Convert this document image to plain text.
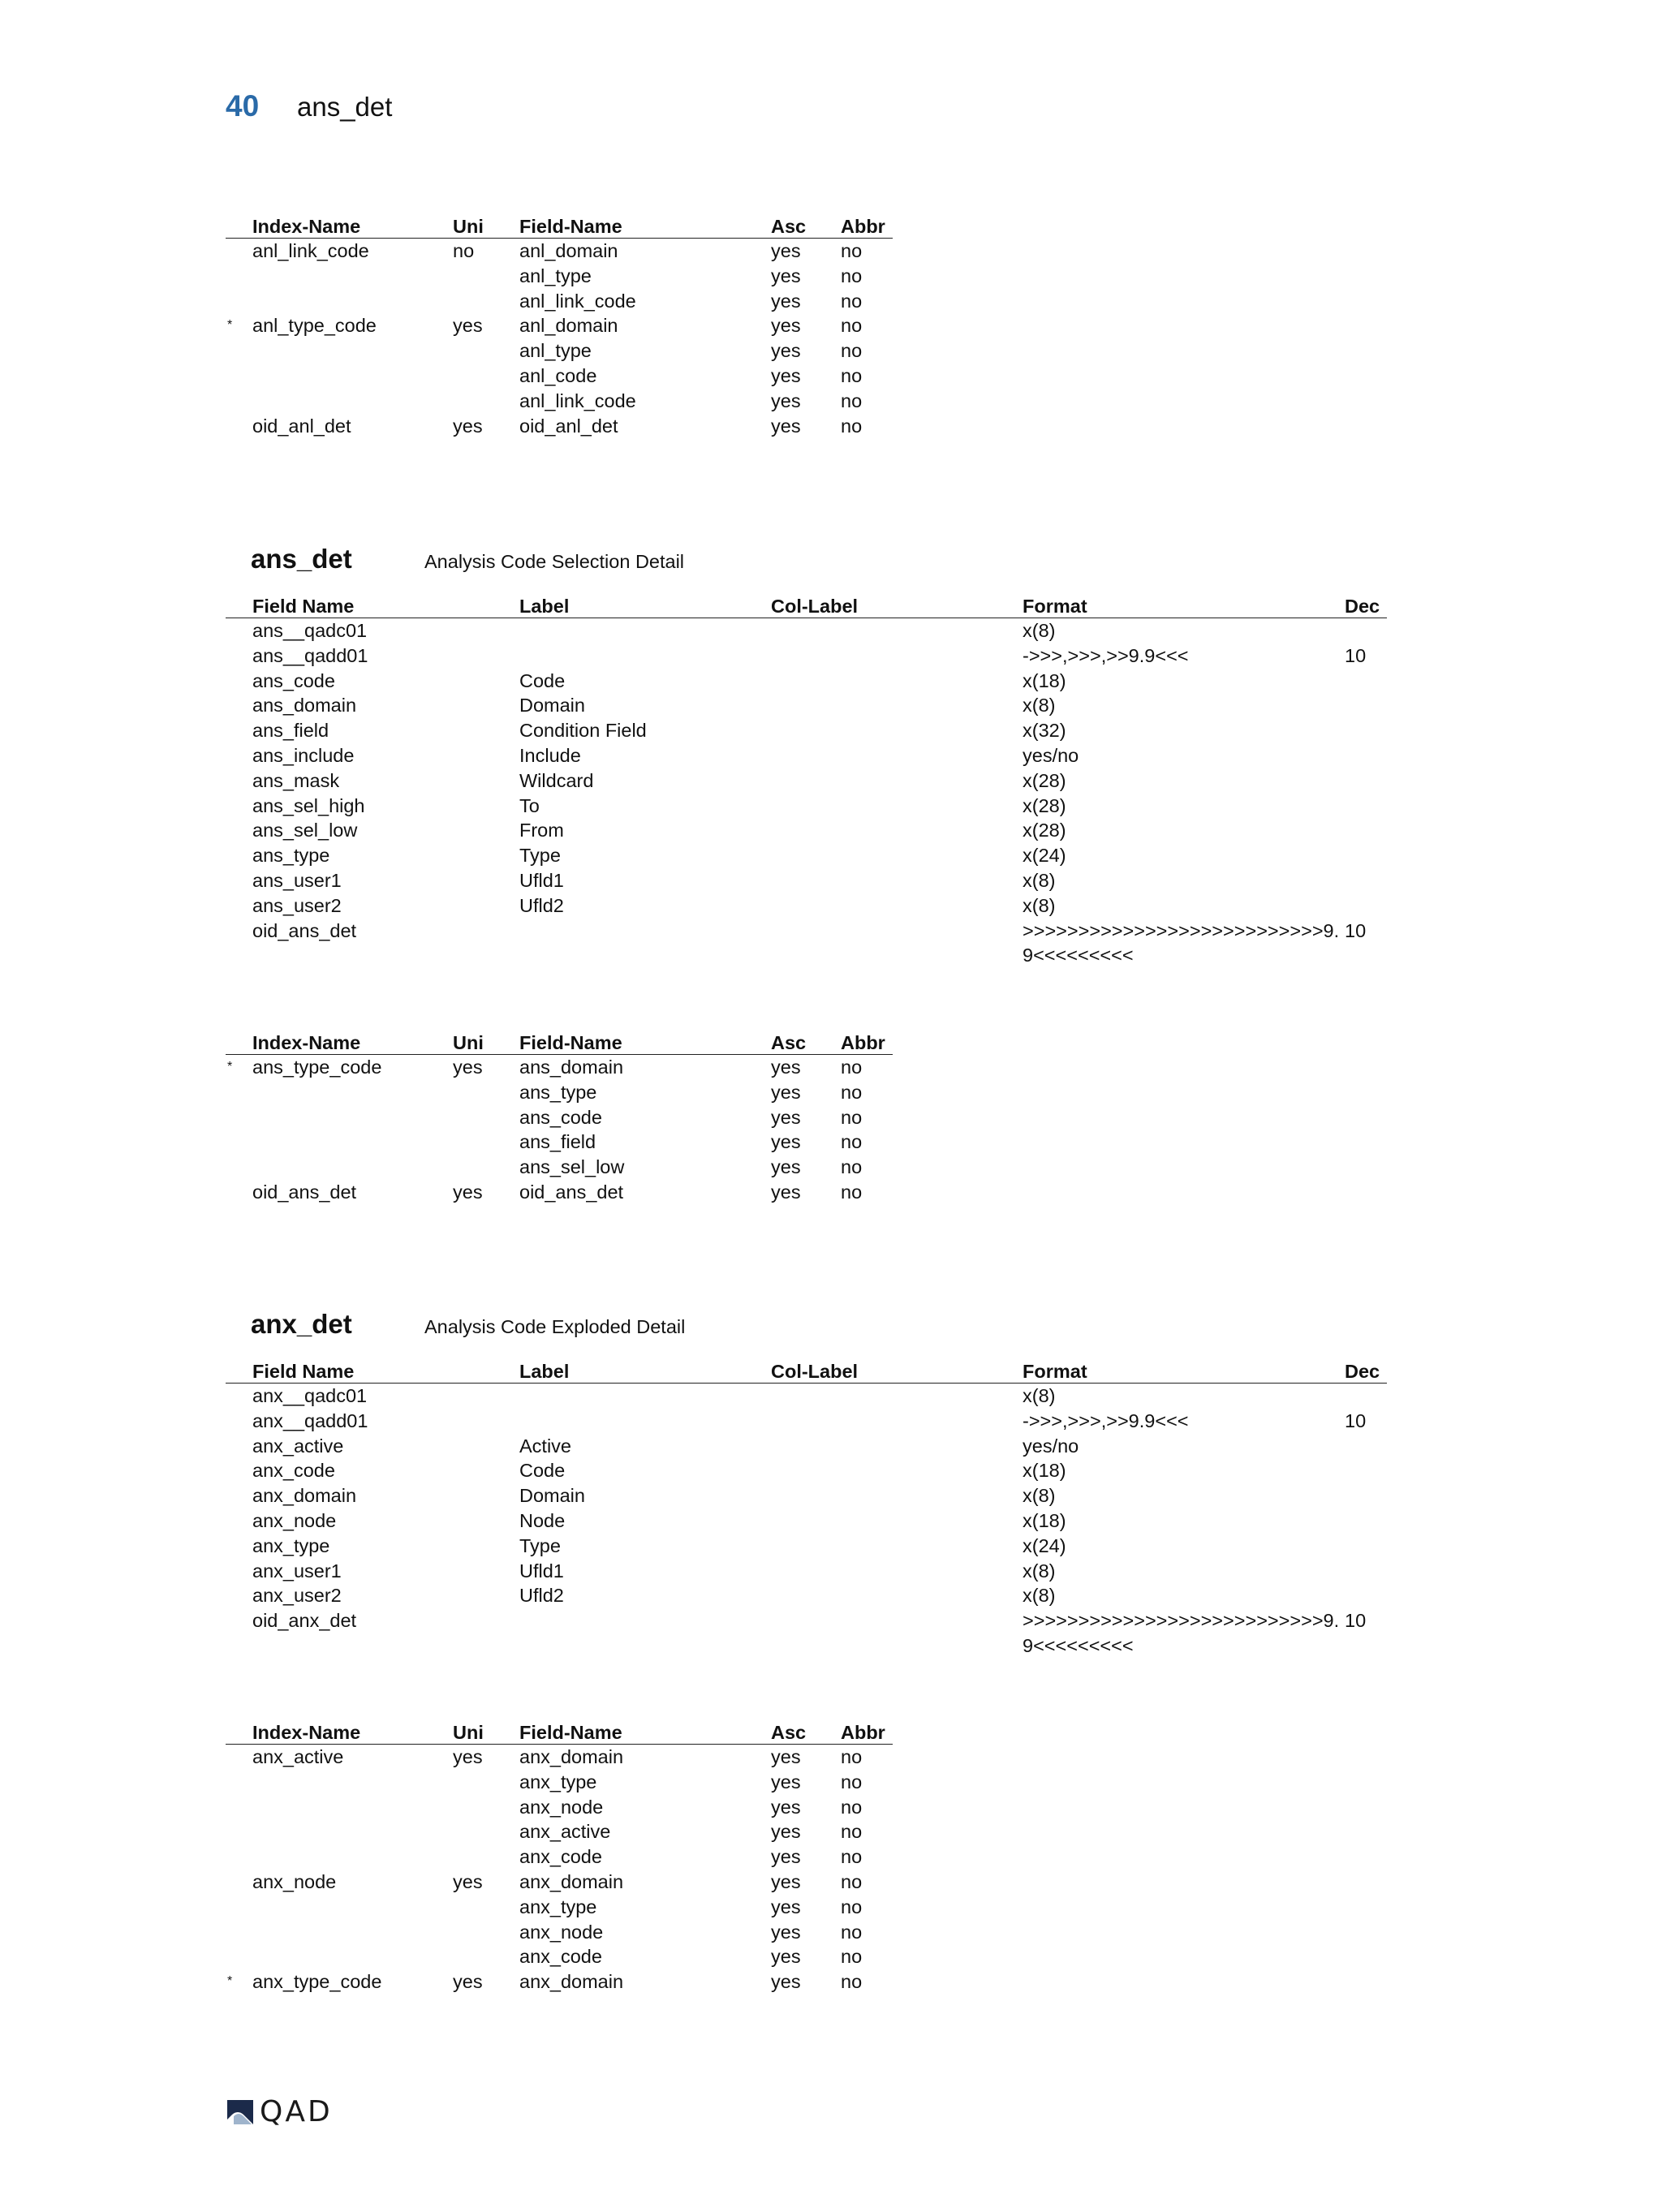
40	ans_det
	Index-Name	Uni	Field-Name	Asc	Abbr
	anl_link_code	no	anl_domain	yes	no
			anl_type	yes	no
			anl_link_code	yes	no
*	anl_type_code	yes	anl_domain	yes	no
			anl_type	yes	no
			anl_code	yes	no
			anl_link_code	yes	no
	oid_anl_det	yes	oid_anl_det	yes	no
ans_det	Analysis Code Selection Detail
	Field Name	Label	Col-Label	Format	Dec
	ans__qadc01			x(8)	
	ans__qadd01			->>>,>>>,>>9.9<<<	10
	ans_code	Code		x(18)	
	ans_domain	Domain		x(8)	
	ans_field	Condition Field		x(32)	
	ans_include	Include		yes/no	
	ans_mask	Wildcard		x(28)	
	ans_sel_high	To		x(28)	
	ans_sel_low	From		x(28)	
	ans_type	Type		x(24)	
	ans_user1	Ufld1		x(8)	
	ans_user2	Ufld2		x(8)	
	oid_ans_det			>>>>>>>>>>>>>>>>>>>>>>>>>>>9.9<<<<<<<<<	10
	Index-Name	Uni	Field-Name	Asc	Abbr
*	ans_type_code	yes	ans_domain	yes	no
			ans_type	yes	no
			ans_code	yes	no
			ans_field	yes	no
			ans_sel_low	yes	no
	oid_ans_det	yes	oid_ans_det	yes	no
anx_det	Analysis Code Exploded Detail
	Field Name	Label	Col-Label	Format	Dec
	anx__qadc01			x(8)	
	anx__qadd01			->>>,>>>,>>9.9<<<	10
	anx_active	Active		yes/no	
	anx_code	Code		x(18)	
	anx_domain	Domain		x(8)	
	anx_node	Node		x(18)	
	anx_type	Type		x(24)	
	anx_user1	Ufld1		x(8)	
	anx_user2	Ufld2		x(8)	
	oid_anx_det			>>>>>>>>>>>>>>>>>>>>>>>>>>>9.9<<<<<<<<<	10
	Index-Name	Uni	Field-Name	Asc	Abbr
	anx_active	yes	anx_domain	yes	no
			anx_type	yes	no
			anx_node	yes	no
			anx_active	yes	no
			anx_code	yes	no
	anx_node	yes	anx_domain	yes	no
			anx_type	yes	no
			anx_node	yes	no
			anx_code	yes	no
*	anx_type_code	yes	anx_domain	yes	no
QAD
